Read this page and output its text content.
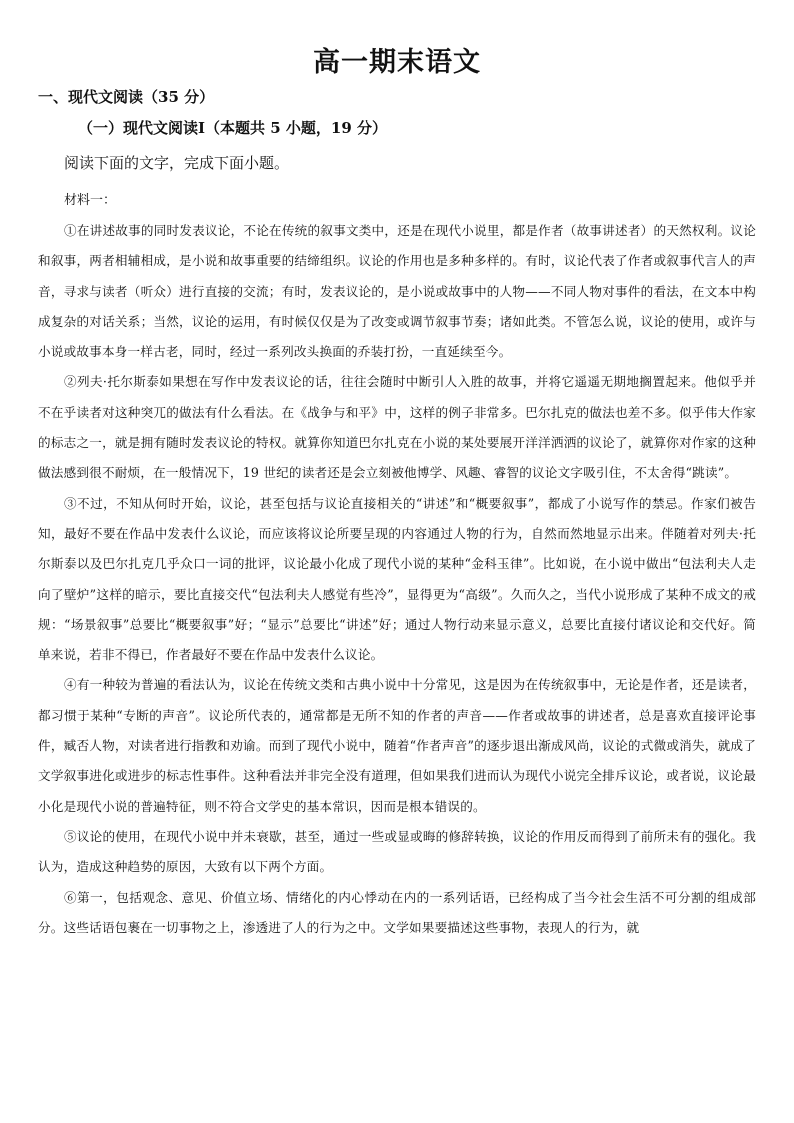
高一期末语文
一、现代文阅读（35 分）
（一）现代文阅读Ⅰ（本题共 5 小题，19 分）
阅读下面的文字，完成下面小题。
材料一：

①在讲述故事的同时发表议论，不论在传统的叙事文类中，还是在现代小说里，都是作者（故事讲述者）的天然权利。议论和叙事，两者相辅相成，是小说和故事重要的结缔组织。议论的作用也是多种多样的。有时，议论代表了作者或叙事代言人的声音，寻求与读者（听众）进行直接的交流；有时，发表议论的，是小说或故事中的人物——不同人物对事件的看法，在文本中构成复杂的对话关系；当然，议论的运用，有时候仅仅是为了改变或调节叙事节奏；诸如此类。不管怎么说，议论的使用，或许与小说或故事本身一样古老，同时，经过一系列改头换面的乔装打扮，一直延续至今。

②列夫·托尔斯泰如果想在写作中发表议论的话，往往会随时中断引人入胜的故事，并将它遥遥无期地搁置起来。他似乎并不在乎读者对这种突兀的做法有什么看法。在《战争与和平》中，这样的例子非常多。巴尔扎克的做法也差不多。似乎伟大作家的标志之一，就是拥有随时发表议论的特权。就算你知道巴尔扎克在小说的某处要展开洋洋洒洒的议论了，就算你对作家的这种做法感到很不耐烦，在一般情况下，19 世纪的读者还是会立刻被他博学、风趣、睿智的议论文字吸引住，不太舍得“跳读”。

③不过，不知从何时开始，议论，甚至包括与议论直接相关的“讲述”和“概要叙事”，都成了小说写作的禁忌。作家们被告知，最好不要在作品中发表什么议论，而应该将议论所要呈现的内容通过人物的行为，自然而然地显示出来。伴随着对列夫·托尔斯泰以及巴尔扎克几乎众口一词的批评，议论最小化成了现代小说的某种“金科玉律”。比如说，在小说中做出“包法利夫人走向了壁炉”这样的暗示，要比直接交代“包法利夫人感觉有些冷”，显得更为“高级”。久而久之，当代小说形成了某种不成文的戒规：“场景叙事”总要比“概要叙事”好；“显示”总要比“讲述”好；通过人物行动来显示意义，总要比直接付诸议论和交代好。简单来说，若非不得已，作者最好不要在作品中发表什么议论。

④有一种较为普遍的看法认为，议论在传统文类和古典小说中十分常见，这是因为在传统叙事中，无论是作者，还是读者，都习惯于某种“专断的声音”。议论所代表的，通常都是无所不知的作者的声音——作者或故事的讲述者，总是喜欢直接评论事件，臧否人物，对读者进行指教和劝谕。而到了现代小说中，随着“作者声音”的逐步退出渐成风尚，议论的式微或消失，就成了文学叙事进化或进步的标志性事件。这种看法并非完全没有道理，但如果我们进而认为现代小说完全排斥议论，或者说，议论最小化是现代小说的普遍特征，则不符合文学史的基本常识，因而是根本错误的。

⑤议论的使用，在现代小说中并未衰歇，甚至，通过一些或显或晦的修辞转换，议论的作用反而得到了前所未有的强化。我认为，造成这种趋势的原因，大致有以下两个方面。

⑥第一，包括观念、意见、价值立场、情绪化的内心悸动在内的一系列话语，已经构成了当今社会生活不可分割的组成部分。这些话语包裹在一切事物之上，渗透进了人的行为之中。文学如果要描述这些事物，表现人的行为，就
